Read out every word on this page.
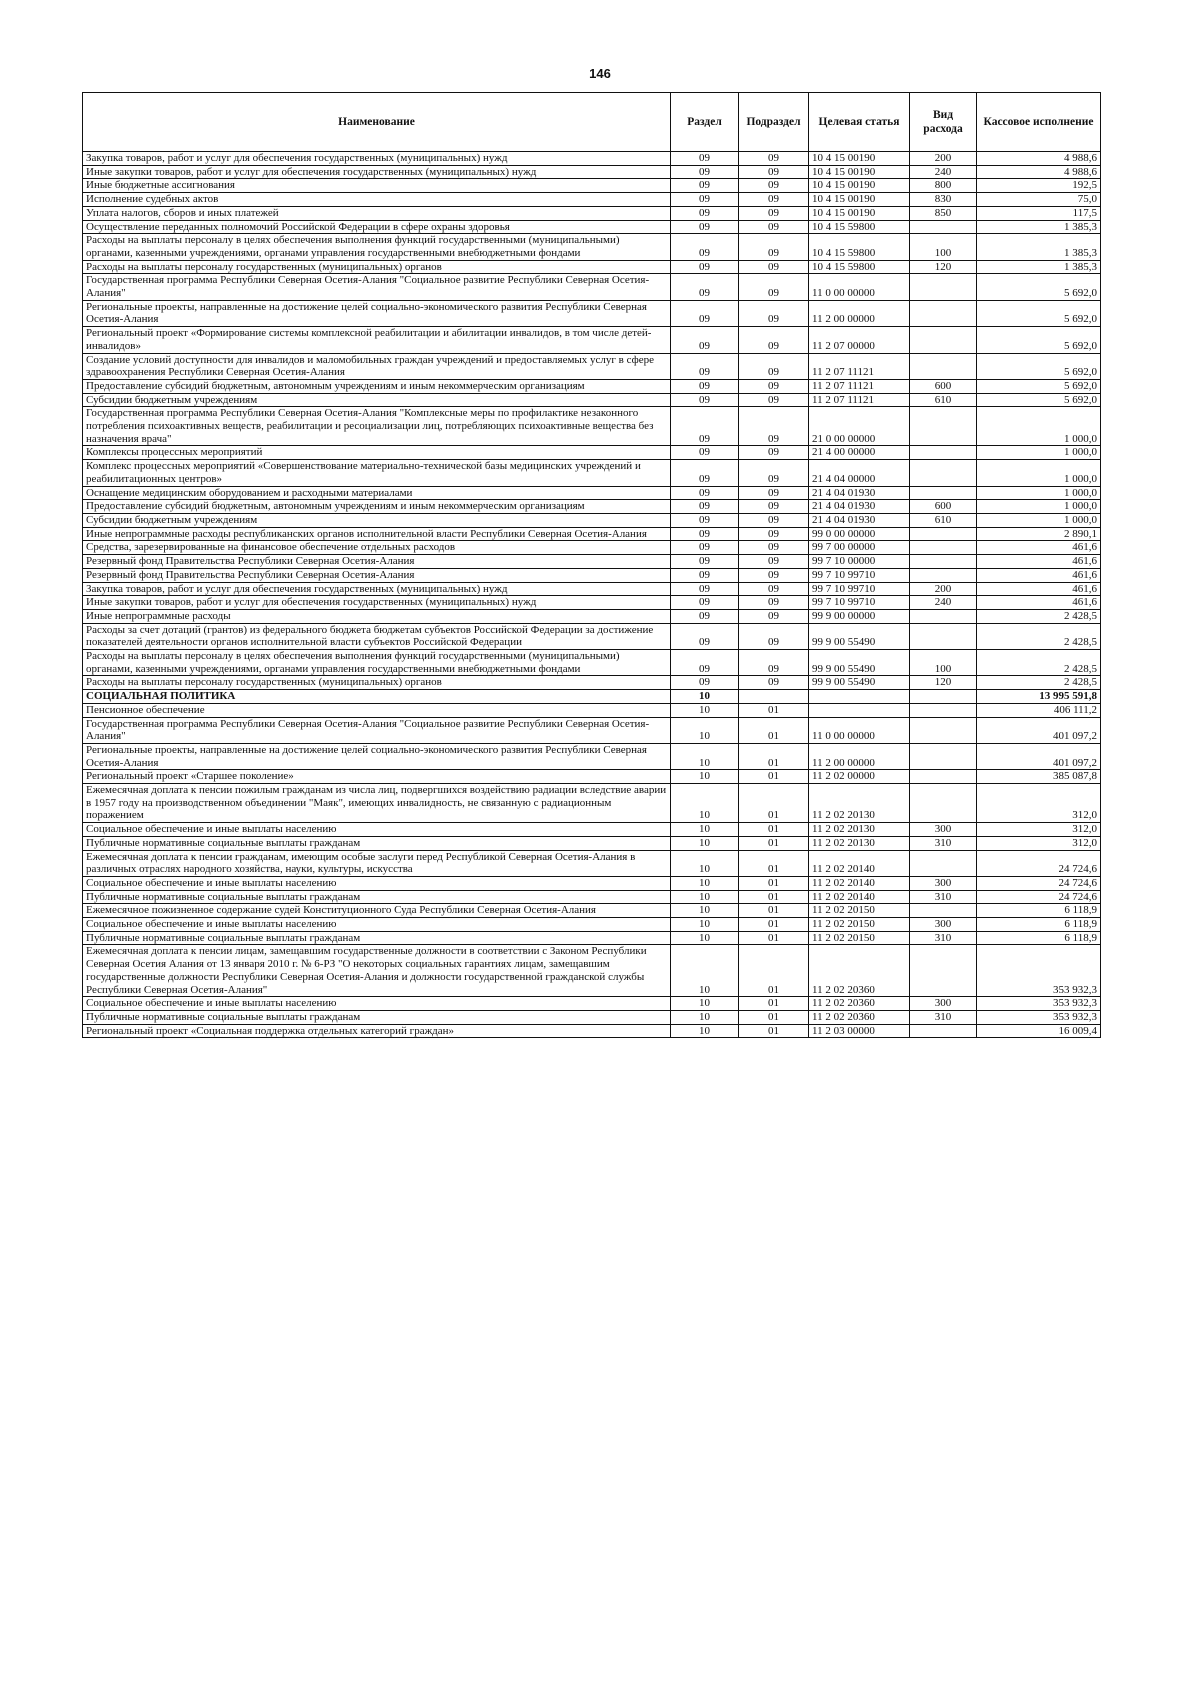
146
Наименование	Раздел	Подраздел	Целевая статья	Вид расхода	Кассовое исполнение
Закупка товаров, работ и услуг для обеспечения государственных (муниципальных) нужд	09	09	10 4 15 00190	200	4 988,6
Иные закупки товаров, работ и услуг для обеспечения государственных (муниципальных) нужд	09	09	10 4 15 00190	240	4 988,6
Иные бюджетные ассигнования	09	09	10 4 15 00190	800	192,5
Исполнение судебных актов	09	09	10 4 15 00190	830	75,0
Уплата налогов, сборов и иных платежей	09	09	10 4 15 00190	850	117,5
Осуществление переданных полномочий Российской Федерации в сфере охраны здоровья	09	09	10 4 15 59800		1 385,3
Расходы на выплаты персоналу в целях обеспечения выполнения функций государственными (муниципальными) органами, казенными учреждениями, органами управления государственными внебюджетными фондами	09	09	10 4 15 59800	100	1 385,3
Расходы на выплаты персоналу государственных (муниципальных) органов	09	09	10 4 15 59800	120	1 385,3
Государственная программа Республики Северная Осетия-Алания "Социальное развитие Республики Северная Осетия-Алания"	09	09	11 0 00 00000		5 692,0
Региональные проекты, направленные на достижение целей социально-экономического развития Республики Северная Осетия-Алания	09	09	11 2 00 00000		5 692,0
Региональный проект «Формирование системы комплексной реабилитации и абилитации инвалидов, в том числе детей-инвалидов»	09	09	11 2 07 00000		5 692,0
Создание условий доступности для инвалидов и маломобильных граждан учреждений и предоставляемых услуг в сфере здравоохранения Республики Северная Осетия-Алания	09	09	11 2 07 11121		5 692,0
Предоставление субсидий бюджетным, автономным учреждениям и иным некоммерческим организациям	09	09	11 2 07 11121	600	5 692,0
Субсидии бюджетным учреждениям	09	09	11 2 07 11121	610	5 692,0
Государственная программа Республики Северная Осетия-Алания "Комплексные меры по профилактике незаконного потребления психоактивных веществ, реабилитации и ресоциализации лиц, потребляющих психоактивные вещества без назначения врача"	09	09	21 0 00 00000		1 000,0
Комплексы процессных мероприятий	09	09	21 4 00 00000		1 000,0
Комплекс процессных мероприятий «Совершенствование материально-технической базы медицинских учреждений и реабилитационных центров»	09	09	21 4 04 00000		1 000,0
Оснащение медицинским оборудованием и расходными материалами	09	09	21 4 04 01930		1 000,0
Предоставление субсидий бюджетным, автономным учреждениям и иным некоммерческим организациям	09	09	21 4 04 01930	600	1 000,0
Субсидии бюджетным учреждениям	09	09	21 4 04 01930	610	1 000,0
Иные непрограммные расходы республиканских органов исполнительной власти Республики Северная Осетия-Алания	09	09	99 0 00 00000		2 890,1
Средства, зарезервированные на финансовое обеспечение отдельных расходов	09	09	99 7 00 00000		461,6
Резервный фонд Правительства Республики Северная Осетия-Алания	09	09	99 7 10 00000		461,6
Резервный фонд Правительства Республики Северная Осетия-Алания	09	09	99 7 10 99710		461,6
Закупка товаров, работ и услуг для обеспечения государственных (муниципальных) нужд	09	09	99 7 10 99710	200	461,6
Иные закупки товаров, работ и услуг для обеспечения государственных (муниципальных) нужд	09	09	99 7 10 99710	240	461,6
Иные непрограммные расходы	09	09	99 9 00 00000		2 428,5
Расходы за счет дотаций (грантов) из федерального бюджета бюджетам субъектов Российской Федерации за достижение показателей деятельности органов исполнительной власти субъектов Российской Федерации	09	09	99 9 00 55490		2 428,5
Расходы на выплаты персоналу в целях обеспечения выполнения функций государственными (муниципальными) органами, казенными учреждениями, органами управления государственными внебюджетными фондами	09	09	99 9 00 55490	100	2 428,5
Расходы на выплаты персоналу государственных (муниципальных) органов	09	09	99 9 00 55490	120	2 428,5
СОЦИАЛЬНАЯ ПОЛИТИКА	10				13 995 591,8
Пенсионное обеспечение	10	01			406 111,2
Государственная программа Республики Северная Осетия-Алания "Социальное развитие Республики Северная Осетия-Алания"	10	01	11 0 00 00000		401 097,2
Региональные проекты, направленные на достижение целей социально-экономического развития Республики Северная Осетия-Алания	10	01	11 2 00 00000		401 097,2
Региональный проект «Старшее поколение»	10	01	11 2 02 00000		385 087,8
Ежемесячная доплата к пенсии пожилым гражданам из числа лиц, подвергшихся воздействию радиации вследствие аварии в 1957 году на производственном объединении "Маяк", имеющих инвалидность, не связанную с радиационным поражением	10	01	11 2 02 20130		312,0
Социальное обеспечение и иные выплаты населению	10	01	11 2 02 20130	300	312,0
Публичные нормативные социальные выплаты гражданам	10	01	11 2 02 20130	310	312,0
Ежемесячная доплата к пенсии гражданам, имеющим особые заслуги перед Республикой Северная Осетия-Алания в различных отраслях народного хозяйства, науки, культуры, искусства	10	01	11 2 02 20140		24 724,6
Социальное обеспечение и иные выплаты населению	10	01	11 2 02 20140	300	24 724,6
Публичные нормативные социальные выплаты гражданам	10	01	11 2 02 20140	310	24 724,6
Ежемесячное пожизненное содержание судей Конституционного Суда Республики Северная Осетия-Алания	10	01	11 2 02 20150		6 118,9
Социальное обеспечение и иные выплаты населению	10	01	11 2 02 20150	300	6 118,9
Публичные нормативные социальные выплаты гражданам	10	01	11 2 02 20150	310	6 118,9
Ежемесячная доплата к пенсии лицам, замещавшим государственные должности в соответствии с Законом Республики Северная Осетия Алания от 13 января 2010 г. № 6-РЗ "О некоторых социальных гарантиях лицам, замещавшим государственные должности Республики Северная Осетия-Алания и должности государственной гражданской службы Республики Северная Осетия-Алания"	10	01	11 2 02 20360		353 932,3
Социальное обеспечение и иные выплаты населению	10	01	11 2 02 20360	300	353 932,3
Публичные нормативные социальные выплаты гражданам	10	01	11 2 02 20360	310	353 932,3
Региональный проект «Социальная поддержка отдельных категорий граждан»	10	01	11 2 03 00000		16 009,4
